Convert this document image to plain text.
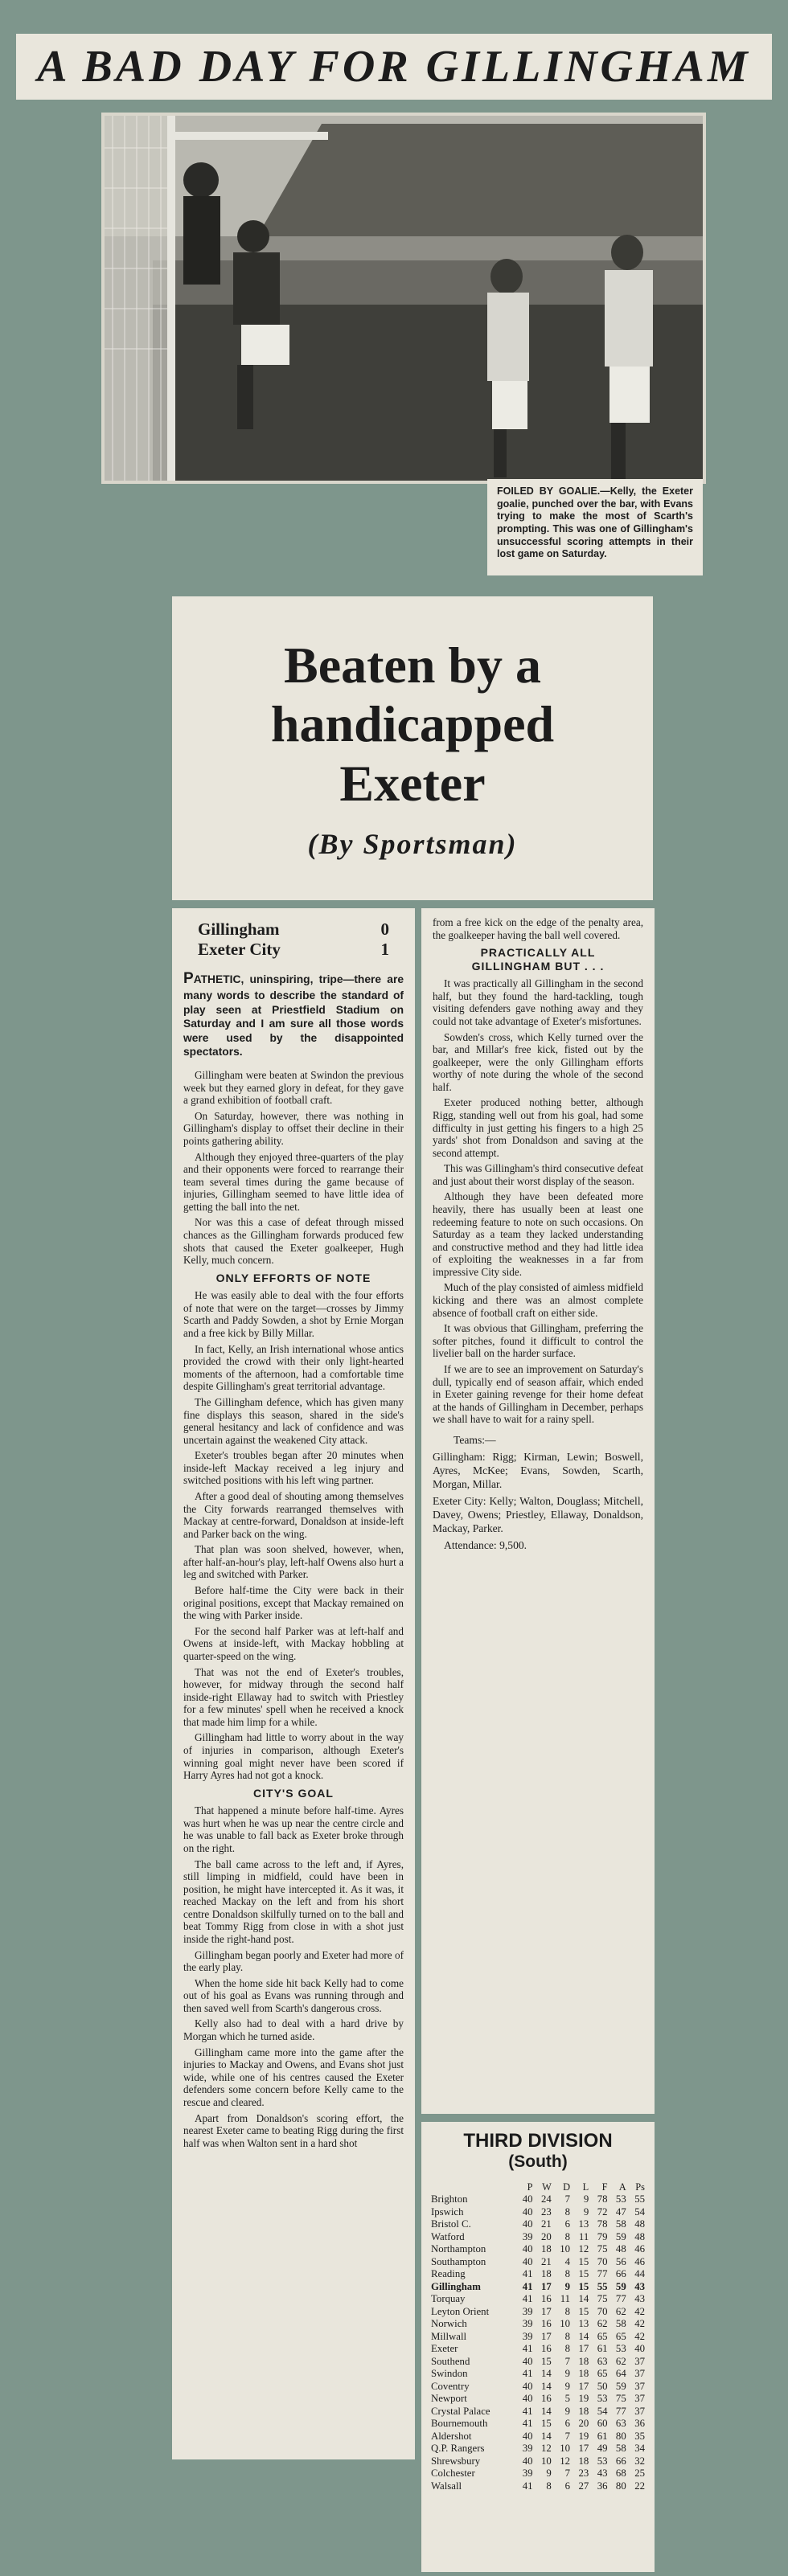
A BAD DAY FOR GILLINGHAM
FOILED BY GOALIE.—Kelly, the Exeter goalie, punched over the bar, with Evans trying to make the most of Scarth's prompting. This was one of Gillingham's unsuccessful scoring attempts in their lost game on Saturday.
Beaten by a
handicapped
Exeter
(By Sportsman)
Gillingham	0
Exeter City	1
PATHETIC, uninspiring, tripe—there are many words to describe the standard of play seen at Priestfield Stadium on Saturday and I am sure all those words were used by the disappointed spectators.

Gillingham were beaten at Swindon the previous week but they earned glory in defeat, for they gave a grand exhibition of football craft.

On Saturday, however, there was nothing in Gillingham's display to offset their decline in their points gathering ability.

Although they enjoyed three-quarters of the play and their opponents were forced to rearrange their team several times during the game because of injuries, Gillingham seemed to have little idea of getting the ball into the net.

Nor was this a case of defeat through missed chances as the Gillingham forwards produced few shots that caused the Exeter goalkeeper, Hugh Kelly, much concern.

ONLY EFFORTS OF NOTE

He was easily able to deal with the four efforts of note that were on the target—crosses by Jimmy Scarth and Paddy Sowden, a shot by Ernie Morgan and a free kick by Billy Millar.

In fact, Kelly, an Irish international whose antics provided the crowd with their only light-hearted moments of the afternoon, had a comfortable time despite Gillingham's great territorial advantage.

The Gillingham defence, which has given many fine displays this season, shared in the side's general hesitancy and lack of confidence and was uncertain against the weakened City attack.

Exeter's troubles began after 20 minutes when inside-left Mackay received a leg injury and switched positions with his left wing partner.

After a good deal of shouting among themselves the City forwards rearranged themselves with Mackay at centre-forward, Donaldson at inside-left and Parker back on the wing.

That plan was soon shelved, however, when, after half-an-hour's play, left-half Owens also hurt a leg and switched with Parker.

Before half-time the City were back in their original positions, except that Mackay remained on the wing with Parker inside.

For the second half Parker was at left-half and Owens at inside-left, with Mackay hobbling at quarter-speed on the wing.

That was not the end of Exeter's troubles, however, for midway through the second half inside-right Ellaway had to switch with Priestley for a few minutes' spell when he received a knock that made him limp for a while.

Gillingham had little to worry about in the way of injuries in comparison, although Exeter's winning goal might never have been scored if Harry Ayres had not got a knock.

CITY'S GOAL

That happened a minute before half-time. Ayres was hurt when he was up near the centre circle and he was unable to fall back as Exeter broke through on the right.

The ball came across to the left and, if Ayres, still limping in midfield, could have been in position, he might have intercepted it. As it was, it reached Mackay on the left and from his short centre Donaldson skilfully turned on to the ball and beat Tommy Rigg from close in with a shot just inside the right-hand post.

Gillingham began poorly and Exeter had more of the early play.

When the home side hit back Kelly had to come out of his goal as Evans was running through and then saved well from Scarth's dangerous cross.

Kelly also had to deal with a hard drive by Morgan which he turned aside.

Gillingham came more into the game after the injuries to Mackay and Owens, and Evans shot just wide, while one of his centres caused the Exeter defenders some concern before Kelly came to the rescue and cleared.

Apart from Donaldson's scoring effort, the nearest Exeter came to beating Rigg during the first half was when Walton sent in a hard shot

from a free kick on the edge of the penalty area, the goalkeeper having the ball well covered.

PRACTICALLY ALL
GILLINGHAM BUT . . .

It was practically all Gillingham in the second half, but they found the hard-tackling, tough visiting defenders gave nothing away and they could not take advantage of Exeter's misfortunes.

Sowden's cross, which Kelly turned over the bar, and Millar's free kick, fisted out by the goalkeeper, were the only Gillingham efforts worthy of note during the whole of the second half.

Exeter produced nothing better, although Rigg, standing well out from his goal, had some difficulty in just getting his fingers to a high 25 yards' shot from Donaldson and saving at the second attempt.

This was Gillingham's third consecutive defeat and just about their worst display of the season.

Although they have been defeated more heavily, there has usually been at least one redeeming feature to note on such occasions. On Saturday as a team they lacked understanding and constructive method and they had little idea of exploiting the weaknesses in a far from impressive City side.

Much of the play consisted of aimless midfield kicking and there was an almost complete absence of football craft on either side.

It was obvious that Gillingham, preferring the softer pitches, found it difficult to control the livelier ball on the harder surface.

If we are to see an improvement on Saturday's dull, typically end of season affair, which ended in Exeter gaining revenge for their home defeat at the hands of Gillingham in December, perhaps we shall have to wait for a rainy spell.

Teams:—

Gillingham: Rigg; Kirman, Lewin; Boswell, Ayres, McKee; Evans, Sowden, Scarth, Morgan, Millar.

Exeter City: Kelly; Walton, Douglass; Mitchell, Davey, Owens; Priestley, Ellaway, Donaldson, Mackay, Parker.

Attendance: 9,500.

THIRD DIVISION
(South)
	P	W	D	L	F	A	Ps
Brighton	40	24	7	9	78	53	55
Ipswich	40	23	8	9	72	47	54
Bristol C.	40	21	6	13	78	58	48
Watford	39	20	8	11	79	59	48
Northampton	40	18	10	12	75	48	46
Southampton	40	21	4	15	70	56	46
Reading	41	18	8	15	77	66	44
Gillingham	41	17	9	15	55	59	43
Torquay	41	16	11	14	75	77	43
Leyton Orient	39	17	8	15	70	62	42
Norwich	39	16	10	13	62	58	42
Millwall	39	17	8	14	65	65	42
Exeter	41	16	8	17	61	53	40
Southend	40	15	7	18	63	62	37
Swindon	41	14	9	18	65	64	37
Coventry	40	14	9	17	50	59	37
Newport	40	16	5	19	53	75	37
Crystal Palace	41	14	9	18	54	77	37
Bournemouth	41	15	6	20	60	63	36
Aldershot	40	14	7	19	61	80	35
Q.P. Rangers	39	12	10	17	49	58	34
Shrewsbury	40	10	12	18	53	66	32
Colchester	39	9	7	23	43	68	25
Walsall	41	8	6	27	36	80	22
